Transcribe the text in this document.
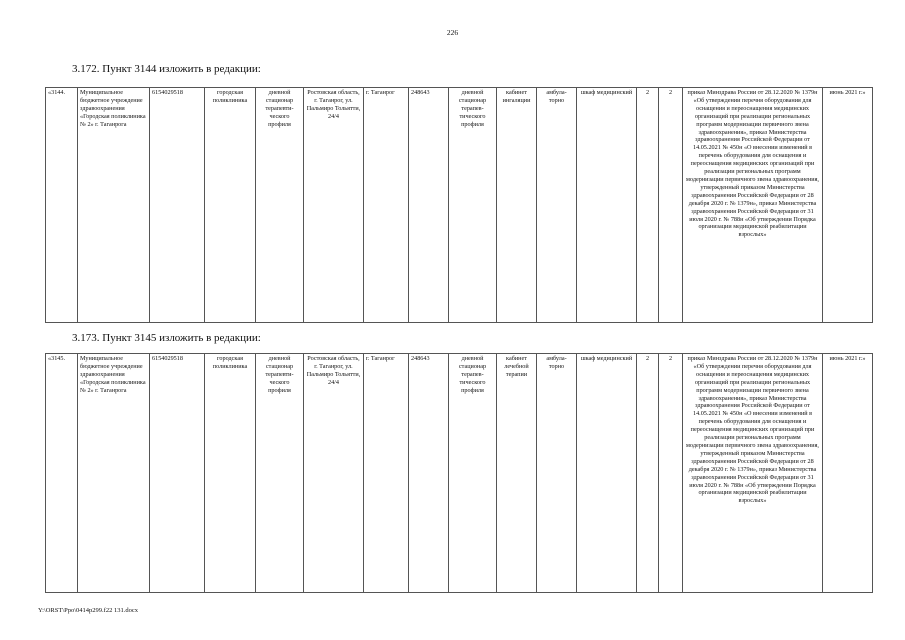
226
3.172. Пункт 3144 изложить в редакции:
«3144.	Муниципальное бюджетное учреждение здравоохранения «Городская поликлиника № 2» г. Таганрога	6154029518	городская поликлиника	дневной стационар терапевти-ческого профиля	Ростовская область, г. Таганрог, ул. Пальмиро Тольятти, 24/4	г. Таганрог	248643	дневной стационар терапев-тического профиля	кабинет ингаляции	амбула-торно	шкаф медицинский	2	2	приказ Минздрава России от 28.12.2020 № 1379н «Об утверждении перечня оборудования для оснащения и переоснащения медицинских организаций при реализации региональных программ модернизации первичного звена здравоохранения», приказ Министерства здравоохранения Российской Федерации от 14.05.2021 № 450н «О внесении изменений в перечень оборудования для оснащения и переоснащения медицинских организаций при реализации региональных программ модернизации первичного звена здравоохранения, утвержденный приказом Министерства здравоохранения Российской Федерации от 28 декабря 2020 г. № 1379н», приказ Министерства здравоохранения Российской Федерации от 31 июля 2020 г. № 788н «Об утверждении Порядка организации медицинской реабилитации взрослых»	июнь 2021 г.»
3.173. Пункт 3145 изложить в редакции:
«3145.	Муниципальное бюджетное учреждение здравоохранения «Городская поликлиника № 2» г. Таганрога	6154029518	городская поликлиника	дневной стационар терапевти-ческого профиля	Ростовская область, г. Таганрог, ул. Пальмиро Тольятти, 24/4	г. Таганрог	248643	дневной стационар терапев-тического профиля	кабинет лечебной терапии	амбула-торно	шкаф медицинский	2	2	приказ Минздрава России от 28.12.2020 № 1379н «Об утверждении перечня оборудования для оснащения и переоснащения медицинских организаций при реализации региональных программ модернизации первичного звена здравоохранения», приказ Министерства здравоохранения Российской Федерации от 14.05.2021 № 450н «О внесении изменений в перечень оборудования для оснащения и переоснащения медицинских организаций при реализации региональных программ модернизации первичного звена здравоохранения, утвержденный приказом Министерства здравоохранения Российской Федерации от 28 декабря 2020 г. № 1379н», приказ Министерства здравоохранения Российской Федерации от 31 июля 2020 г. № 788н «Об утверждении Порядка организации медицинской реабилитации взрослых»	июнь 2021 г.»
Y:\ORST\Ppo\0414p299.f22 131.docx
